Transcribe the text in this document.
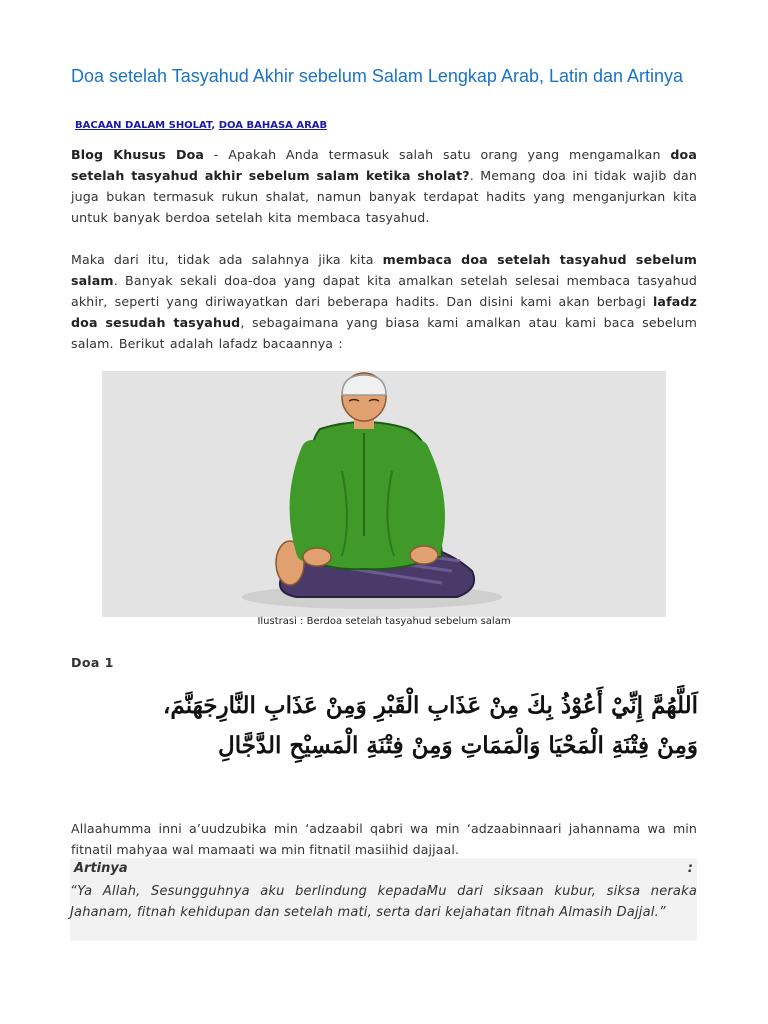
Doa setelah Tasyahud Akhir sebelum Salam Lengkap Arab, Latin dan Artinya
BACAAN DALAM SHOLAT, DOA BAHASA ARAB

Blog Khusus Doa - Apakah Anda termasuk salah satu orang yang mengamalkan doa setelah tasyahud akhir sebelum salam ketika sholat?. Memang doa ini tidak wajib dan juga bukan termasuk rukun shalat, namun banyak terdapat hadits yang menganjurkan kita untuk banyak berdoa setelah kita membaca tasyahud.

Maka dari itu, tidak ada salahnya jika kita membaca doa setelah tasyahud sebelum salam. Banyak sekali doa-doa yang dapat kita amalkan setelah selesai membaca tasyahud akhir, seperti yang diriwayatkan dari beberapa hadits. Dan disini kami akan berbagi lafadz doa sesudah tasyahud, sebagaimana yang biasa kami amalkan atau kami baca sebelum salam. Berikut adalah lafadz bacaannya :

Ilustrasi : Berdoa setelah tasyahud sebelum salam
Doa 1

اَللَّهُمَّ إِنِّيْ أَعُوْذُ بِكَ مِنْ عَذَابِ الْقَبْرِ وَمِنْ عَذَابِ النَّارِجَهَنَّمَ، وَمِنْ فِتْنَةِ الْمَحْيَا وَالْمَمَاتِ وَمِنْ فِتْنَةِ الْمَسِيْحِ الدَّجَّالِ

Allaahumma inni a’uudzubika min ‘adzaabil qabri wa min ‘adzaabinnaari jahannama wa min fitnatil mahyaa wal mamaati wa min fitnatil masiihid dajjaal.

Artinya	:

“Ya Allah, Sesungguhnya aku berlindung kepadaMu dari siksaan kubur, siksa neraka Jahanam, fitnah kehidupan dan setelah mati, serta dari kejahatan fitnah Almasih Dajjal.”
